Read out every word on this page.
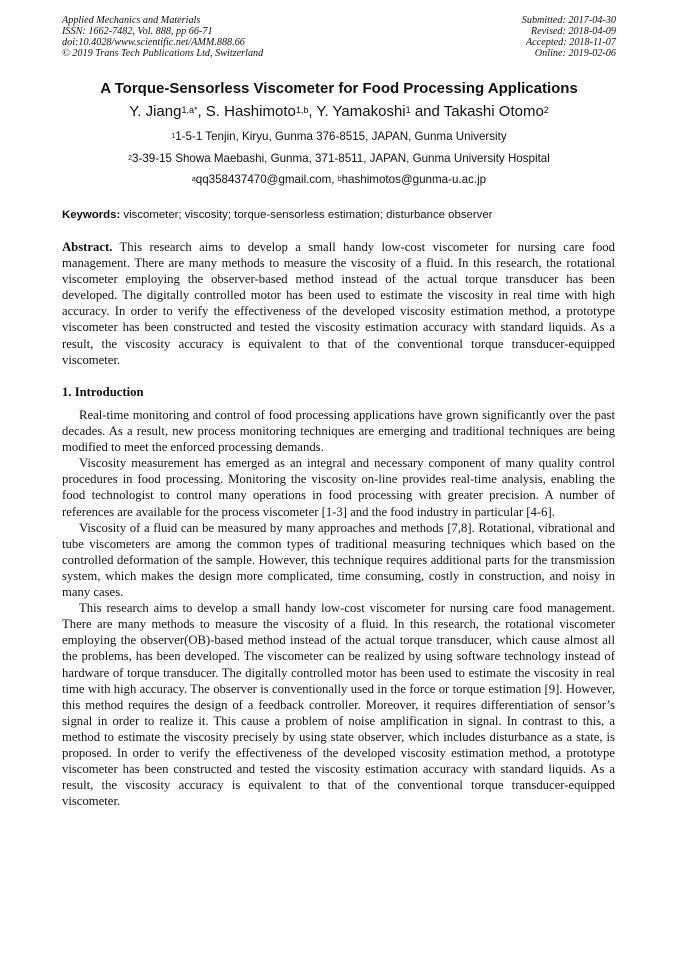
Applied Mechanics and Materials
ISSN: 1662-7482, Vol. 888, pp 66-71
doi:10.4028/www.scientific.net/AMM.888.66
© 2019 Trans Tech Publications Ltd, Switzerland
Submitted: 2017-04-30
Revised: 2018-04-09
Accepted: 2018-11-07
Online: 2019-02-06
A Torque-Sensorless Viscometer for Food Processing Applications
Y. Jiang$^{1,a*}$, S. Hashimoto$^{1,b}$, Y. Yamakoshi$^1$ and Takashi Otomo$^2$
$^1$1-5-1 Tenjin, Kiryu, Gunma 376-8515, JAPAN, Gunma University
$^2$3-39-15 Showa Maebashi, Gunma, 371-8511, JAPAN, Gunma University Hospital
$^a$qq358437470@gmail.com, $^b$hashimotos@gunma-u.ac.jp
Keywords: viscometer; viscosity; torque-sensorless estimation; disturbance observer
Abstract. This research aims to develop a small handy low-cost viscometer for nursing care food management. There are many methods to measure the viscosity of a fluid. In this research, the rotational viscometer employing the observer-based method instead of the actual torque transducer has been developed. The digitally controlled motor has been used to estimate the viscosity in real time with high accuracy. In order to verify the effectiveness of the developed viscosity estimation method, a prototype viscometer has been constructed and tested the viscosity estimation accuracy with standard liquids. As a result, the viscosity accuracy is equivalent to that of the conventional torque transducer-equipped viscometer.
1. Introduction

Real-time monitoring and control of food processing applications have grown significantly over the past decades. As a result, new process monitoring techniques are emerging and traditional techniques are being modified to meet the enforced processing demands.

Viscosity measurement has emerged as an integral and necessary component of many quality control procedures in food processing. Monitoring the viscosity on-line provides real-time analysis, enabling the food technologist to control many operations in food processing with greater precision. A number of references are available for the process viscometer [1-3] and the food industry in particular [4-6].

Viscosity of a fluid can be measured by many approaches and methods [7,8]. Rotational, vibrational and tube viscometers are among the common types of traditional measuring techniques which based on the controlled deformation of the sample. However, this technique requires additional parts for the transmission system, which makes the design more complicated, time consuming, costly in construction, and noisy in many cases.

This research aims to develop a small handy low-cost viscometer for nursing care food management. There are many methods to measure the viscosity of a fluid. In this research, the rotational viscometer employing the observer(OB)-based method instead of the actual torque transducer, which cause almost all the problems, has been developed. The viscometer can be realized by using software technology instead of hardware of torque transducer. The digitally controlled motor has been used to estimate the viscosity in real time with high accuracy. The observer is conventionally used in the force or torque estimation [9]. However, this method requires the design of a feedback controller. Moreover, it requires differentiation of sensor’s signal in order to realize it. This cause a problem of noise amplification in signal. In contrast to this, a method to estimate the viscosity precisely by using state observer, which includes disturbance as a state, is proposed. In order to verify the effectiveness of the developed viscosity estimation method, a prototype viscometer has been constructed and tested the viscosity estimation accuracy with standard liquids. As a result, the viscosity accuracy is equivalent to that of the conventional torque transducer-equipped viscometer.
